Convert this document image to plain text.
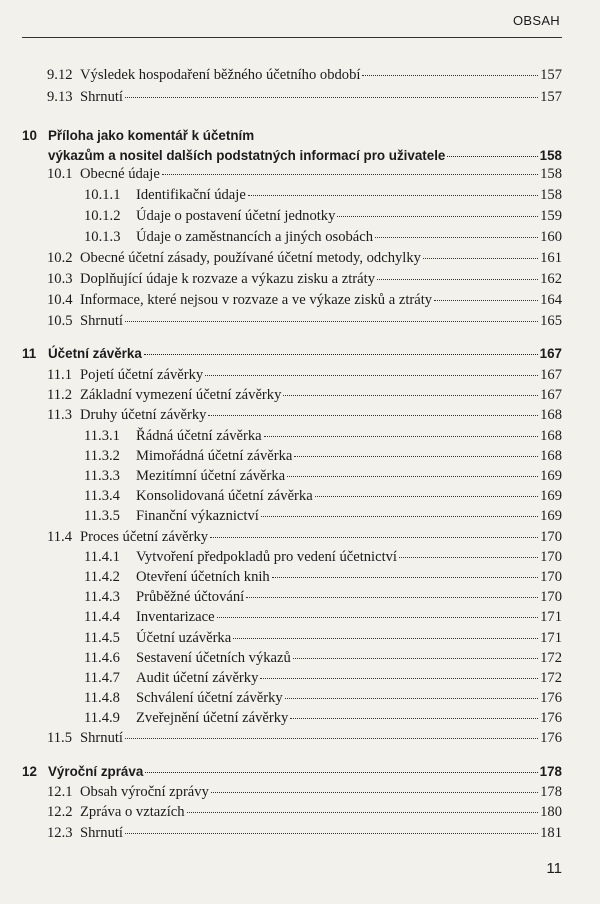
OBSAH
9.12 Výsledek hospodaření běžného účetního období	157
9.13 Shrnutí	157
10 Příloha jako komentář k účetním
výkazům a nositel dalších podstatných informací pro uživatele	158
10.1 Obecné údaje	158
10.1.1	Identifikační údaje	158
10.1.2	Údaje o postavení účetní jednotky	159
10.1.3	Údaje o zaměstnancích a jiných osobách	160
10.2 Obecné účetní zásady, používané účetní metody, odchylky	161
10.3 Doplňující údaje k rozvaze a výkazu zisku a ztráty	162
10.4 Informace, které nejsou v rozvaze a ve výkaze zisků a ztráty	164
10.5 Shrnutí	165
11 Účetní závěrka	167
11.1 Pojetí účetní závěrky	167
11.2 Základní vymezení účetní závěrky	167
11.3 Druhy účetní závěrky	168
11.3.1	Řádná účetní závěrka	168
11.3.2	Mimořádná účetní závěrka	168
11.3.3	Mezitímní účetní závěrka	169
11.3.4	Konsolidovaná účetní závěrka	169
11.3.5	Finanční výkaznictví	169
11.4 Proces účetní závěrky	170
11.4.1	Vytvoření předpokladů pro vedení účetnictví	170
11.4.2	Otevření účetních knih	170
11.4.3	Průběžné účtování	170
11.4.4	Inventarizace	171
11.4.5	Účetní uzávěrka	171
11.4.6	Sestavení účetních výkazů	172
11.4.7	Audit účetní závěrky	172
11.4.8	Schválení účetní závěrky	176
11.4.9	Zveřejnění účetní závěrky	176
11.5 Shrnutí	176
12 Výroční zpráva	178
12.1 Obsah výroční zprávy	178
12.2 Zpráva o vztazích	180
12.3 Shrnutí	181
11
